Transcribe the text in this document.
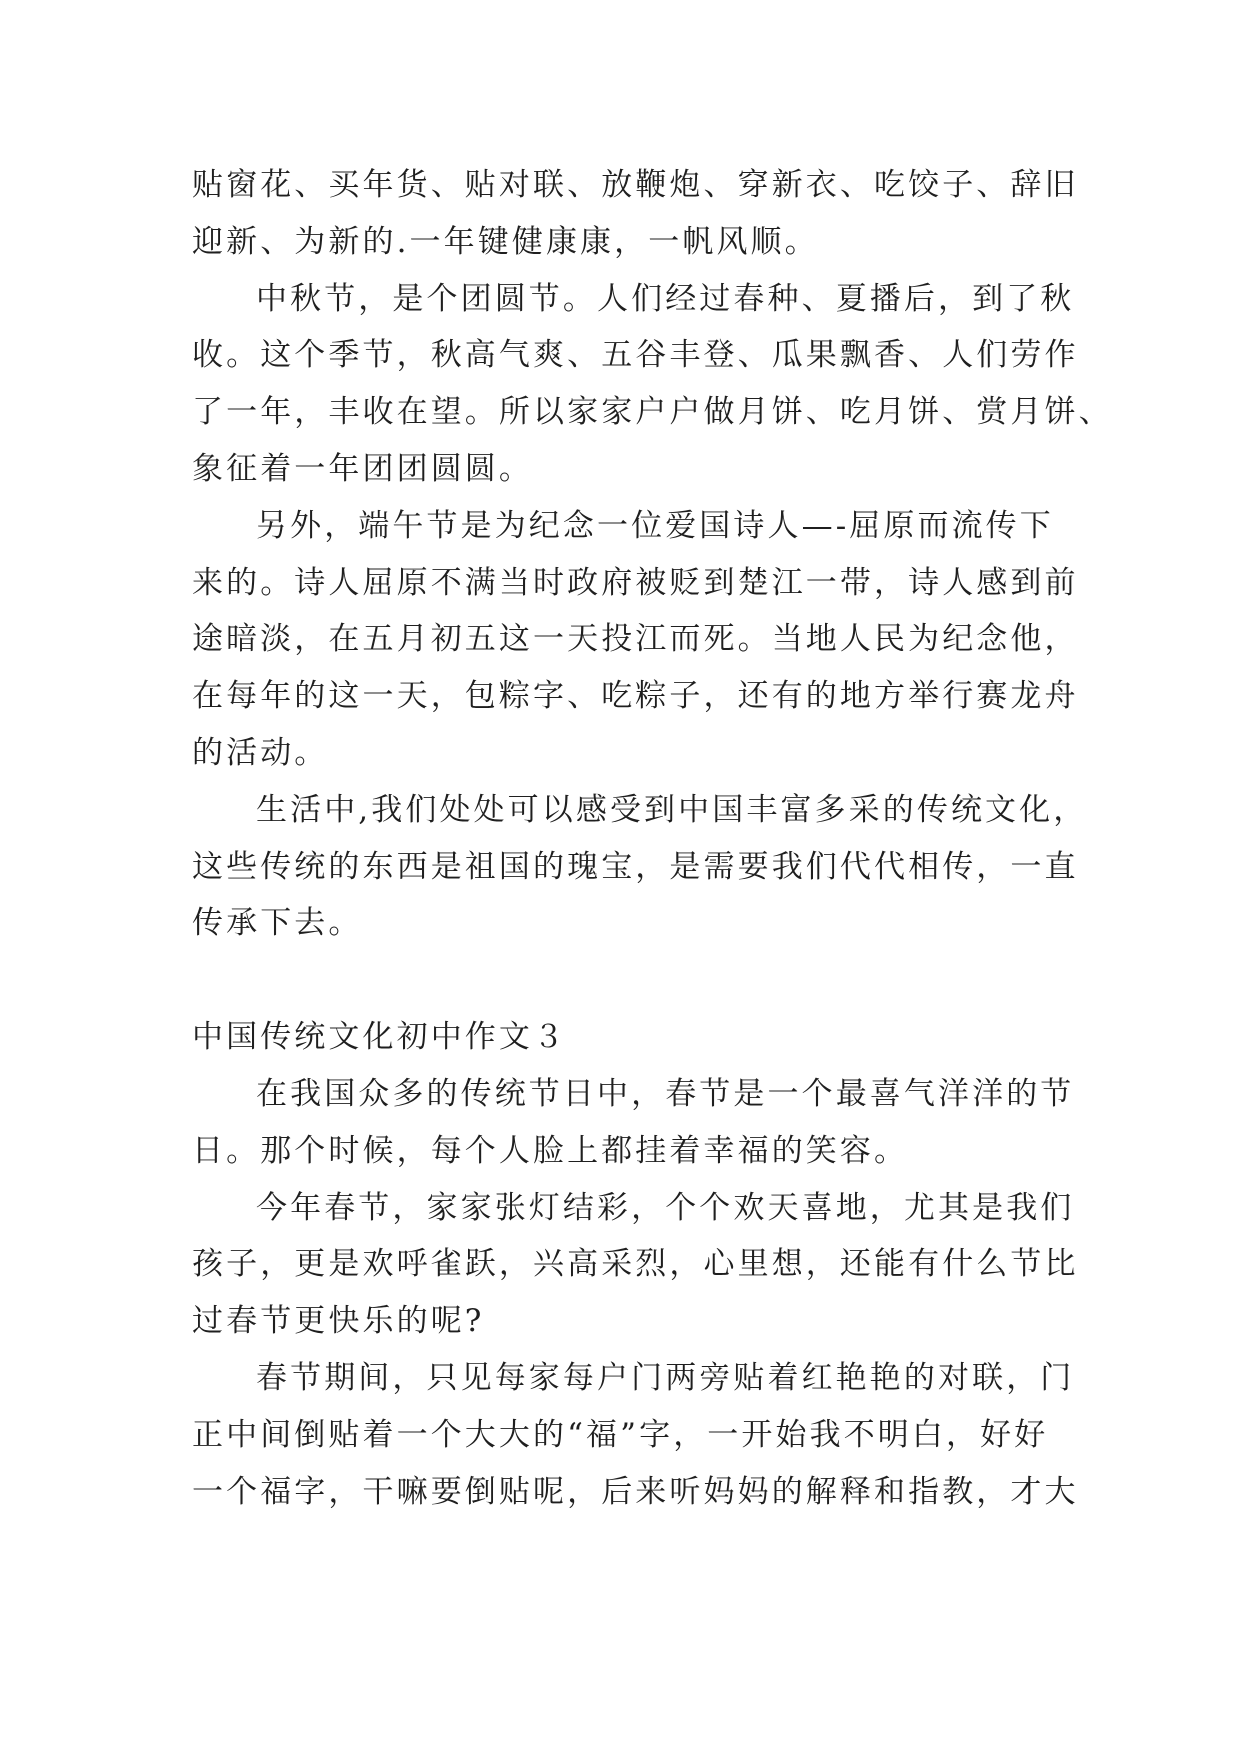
贴窗花、买年货、贴对联、放鞭炮、穿新衣、吃饺子、辞旧
迎新、为新的.一年键健康康，一帆风顺。
中秋节，是个团圆节。人们经过春种、夏播后，到了秋
收。这个季节，秋高气爽、五谷丰登、瓜果飘香、人们劳作
了一年，丰收在望。所以家家户户做月饼、吃月饼、赏月饼、
象征着一年团团圆圆。
另外，端午节是为纪念一位爱国诗人—-屈原而流传下
来的。诗人屈原不满当时政府被贬到楚江一带，诗人感到前
途暗淡，在五月初五这一天投江而死。当地人民为纪念他，
在每年的这一天，包粽字、吃粽子，还有的地方举行赛龙舟
的活动。
生活中,我们处处可以感受到中国丰富多采的传统文化，
这些传统的东西是祖国的瑰宝，是需要我们代代相传，一直
传承下去。
中国传统文化初中作文３
在我国众多的传统节日中，春节是一个最喜气洋洋的节
日。那个时候，每个人脸上都挂着幸福的笑容。
今年春节，家家张灯结彩，个个欢天喜地，尤其是我们
孩子，更是欢呼雀跃，兴高采烈，心里想，还能有什么节比
过春节更快乐的呢?
春节期间，只见每家每户门两旁贴着红艳艳的对联，门
正中间倒贴着一个大大的“福”字，一开始我不明白，好好
一个福字，干嘛要倒贴呢，后来听妈妈的解释和指教，才大
